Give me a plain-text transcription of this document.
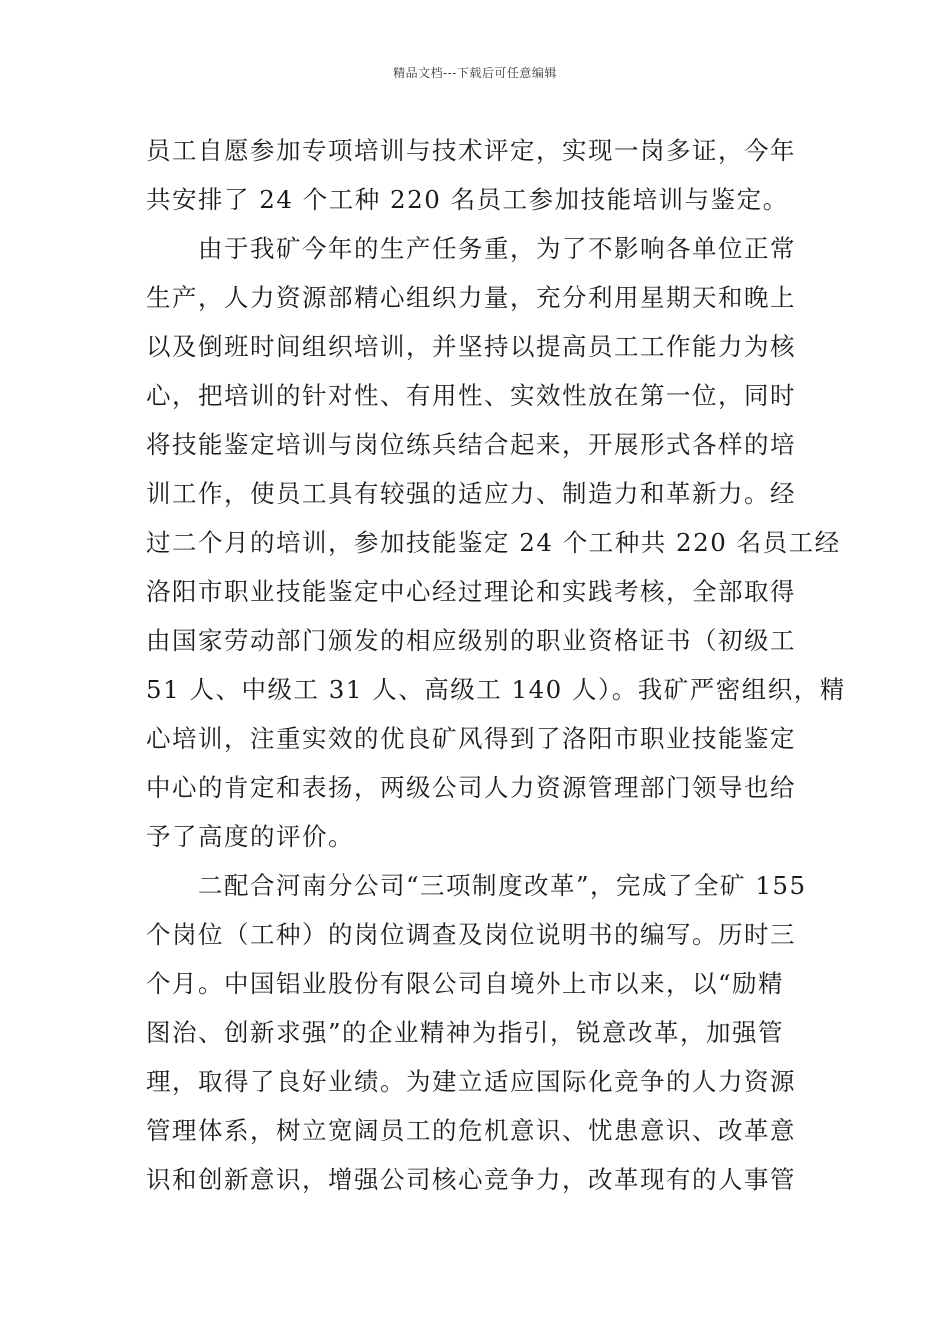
精品文档---下载后可任意编辑
员工自愿参加专项培训与技术评定，实现一岗多证，今年
共安排了 24 个工种 220 名员工参加技能培训与鉴定。
　　由于我矿今年的生产任务重，为了不影响各单位正常
生产，人力资源部精心组织力量，充分利用星期天和晚上
以及倒班时间组织培训，并坚持以提高员工工作能力为核
心，把培训的针对性、有用性、实效性放在第一位，同时
将技能鉴定培训与岗位练兵结合起来，开展形式各样的培
训工作，使员工具有较强的适应力、制造力和革新力。经
过二个月的培训，参加技能鉴定 24 个工种共 220 名员工经
洛阳市职业技能鉴定中心经过理论和实践考核，全部取得
由国家劳动部门颁发的相应级别的职业资格证书（初级工
51 人、中级工 31 人、高级工 140 人）。我矿严密组织，精
心培训，注重实效的优良矿风得到了洛阳市职业技能鉴定
中心的肯定和表扬，两级公司人力资源管理部门领导也给
予了高度的评价。
　　二配合河南分公司“三项制度改革”，完成了全矿 155
个岗位（工种）的岗位调查及岗位说明书的编写。历时三
个月。中国铝业股份有限公司自境外上市以来，以“励精
图治、创新求强”的企业精神为指引，锐意改革，加强管
理，取得了良好业绩。为建立适应国际化竞争的人力资源
管理体系，树立宽阔员工的危机意识、忧患意识、改革意
识和创新意识，增强公司核心竞争力，改革现有的人事管
